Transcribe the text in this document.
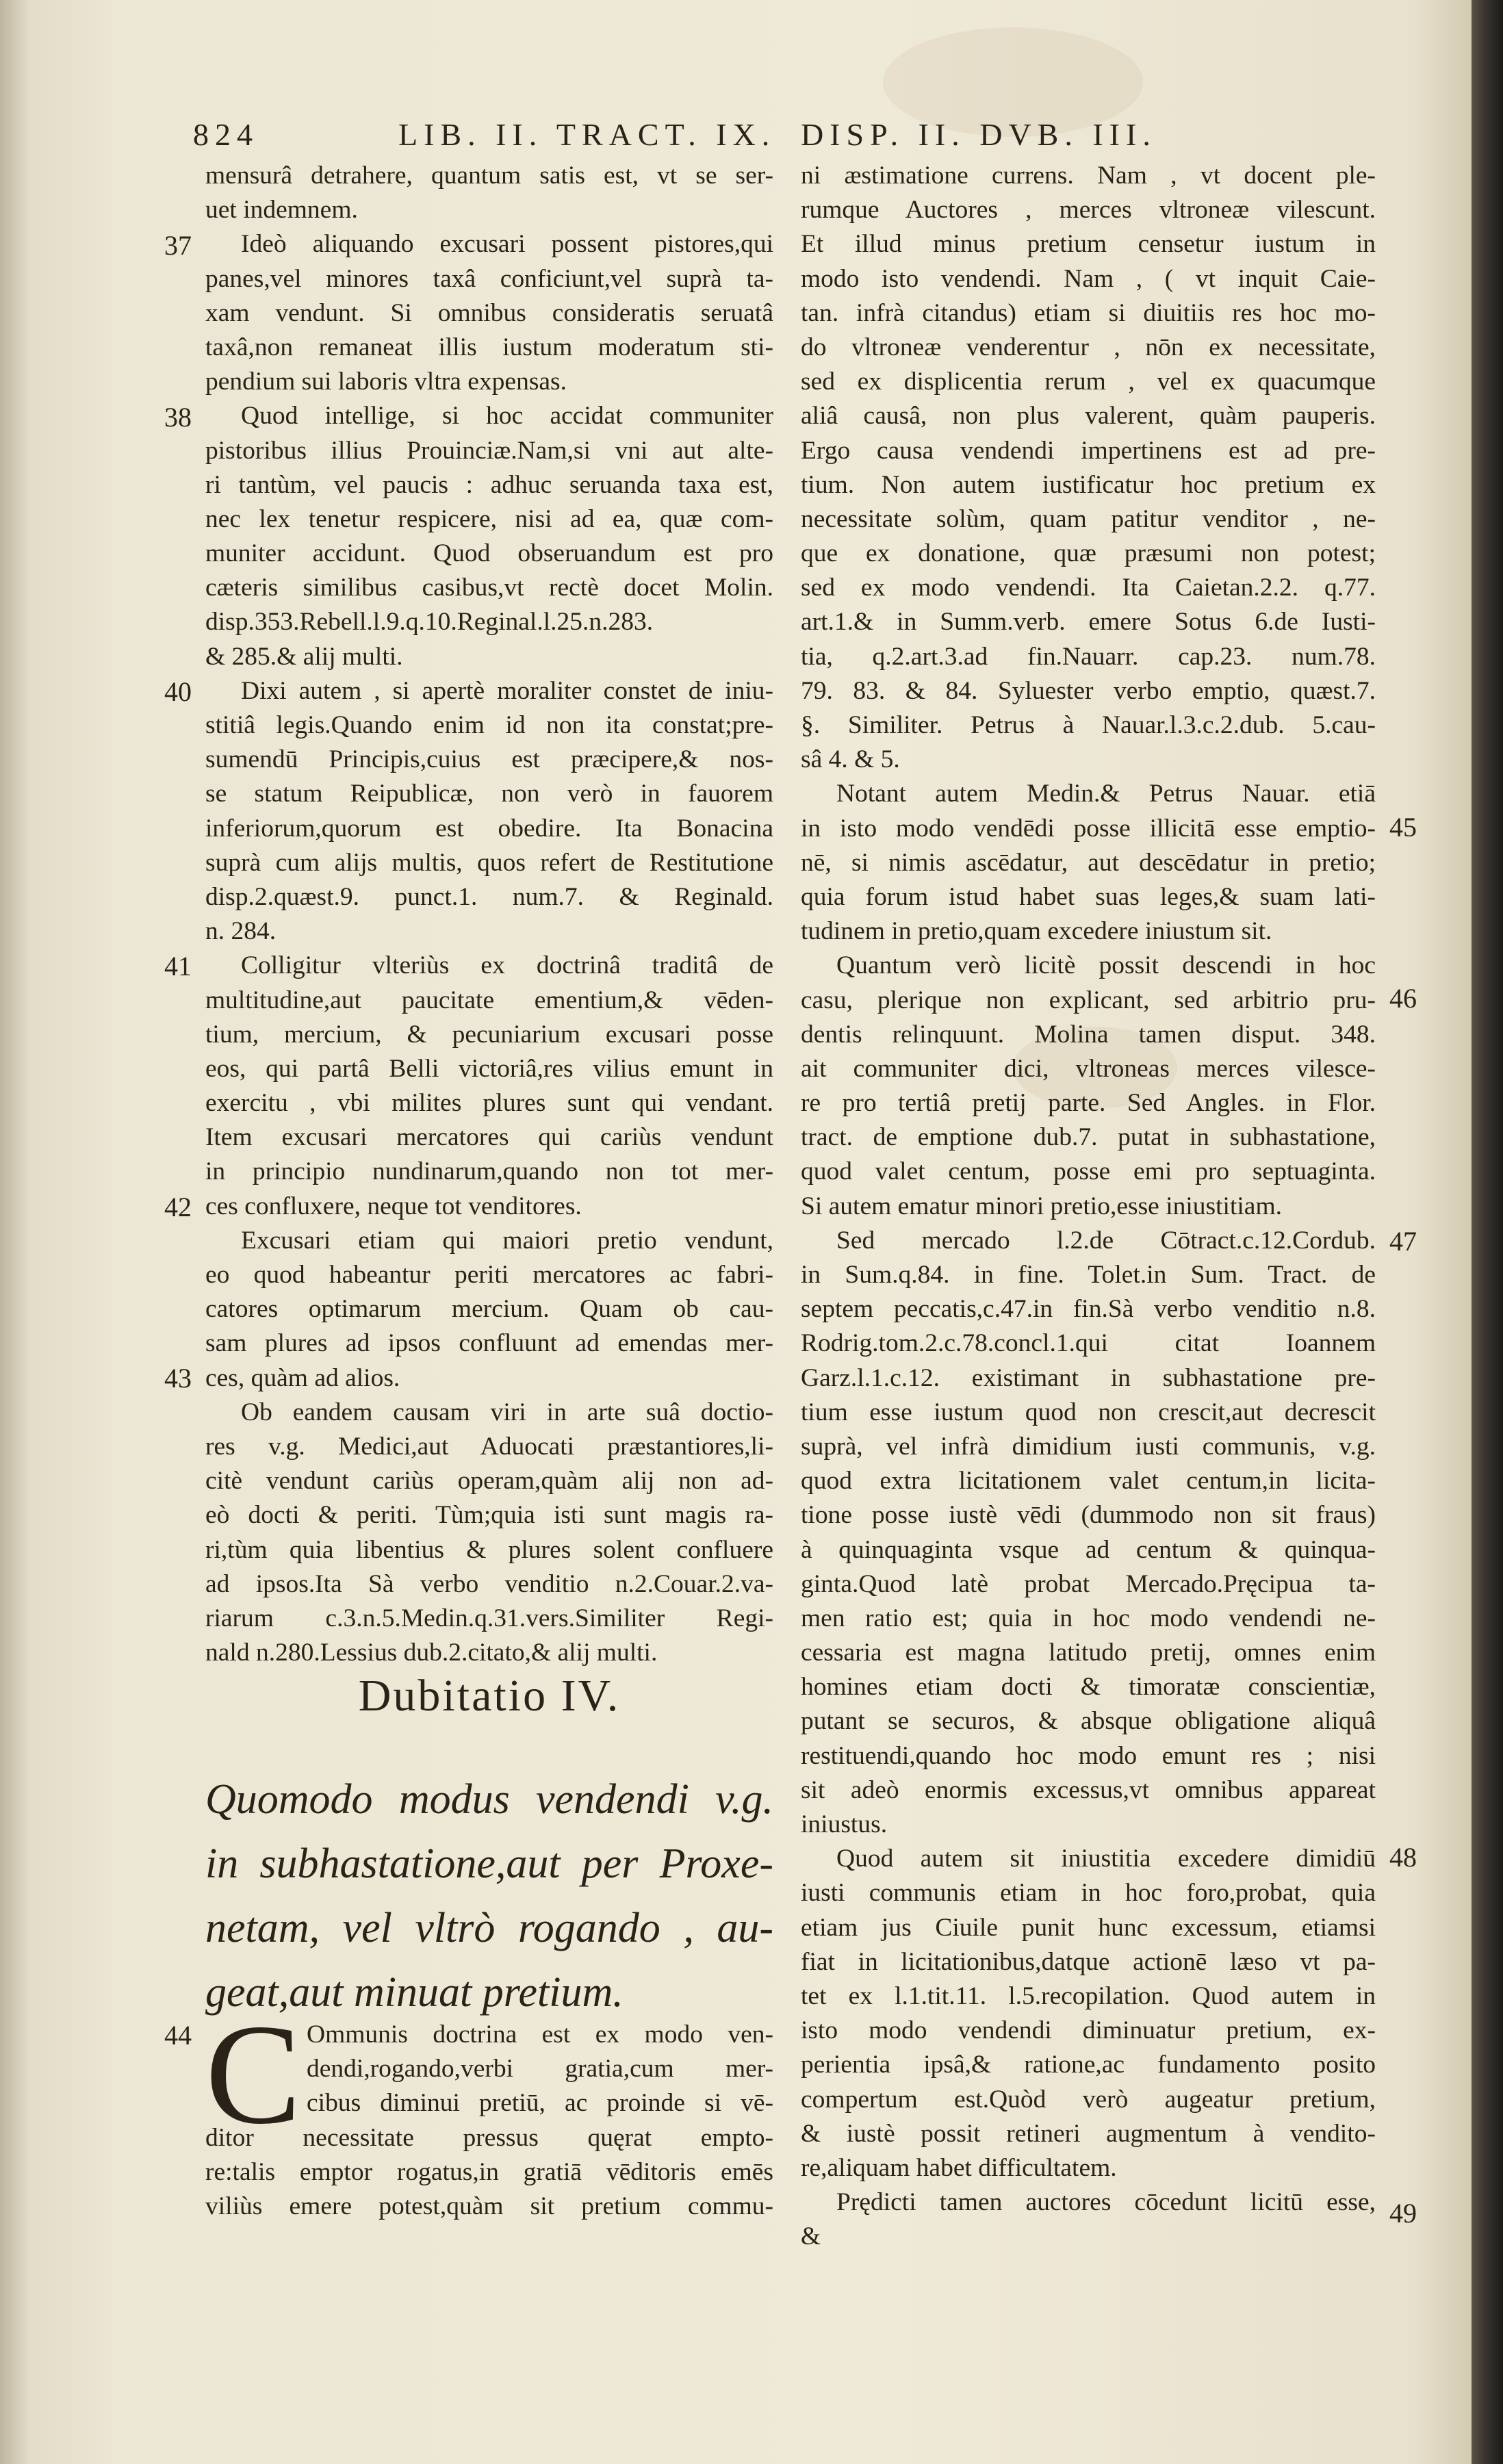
824	LIB. II. TRACT. IX. DISP. II. DVB. III.
mensurâ detrahere, quantum satis est, vt se ser-
uet indemnem.
Ideò aliquando excusari possent pistores,qui
panes,vel minores taxâ conficiunt,vel suprà ta-
xam vendunt. Si omnibus consideratis seruatâ
taxâ,non remaneat illis iustum moderatum sti-
pendium sui laboris vltra expensas.
Quod intellige, si hoc accidat communiter
pistoribus illius Prouinciæ.Nam,si vni aut alte-
ri tantùm, vel paucis : adhuc seruanda taxa est,
nec lex tenetur respicere, nisi ad ea, quæ com-
muniter accidunt. Quod obseruandum est pro
cæteris similibus casibus,vt rectè docet Molin.
disp.353.Rebell.l.9.q.10.Reginal.l.25.n.283.
& 285.& alij multi.
Dixi autem , si apertè moraliter constet de iniu-
stitiâ legis.Quando enim id non ita constat;pre-
sumendū Principis,cuius est præcipere,& nos-
se statum Reipublicæ, non verò in fauorem
inferiorum,quorum est obedire. Ita Bonacina
suprà cum alijs multis, quos refert de Restitutione
disp.2.quæst.9. punct.1. num.7. & Reginald.
n. 284.
Colligitur vlteriùs ex doctrinâ traditâ de
multitudine,aut paucitate ementium,& vēden-
tium, mercium, & pecuniarium excusari posse
eos, qui partâ Belli victoriâ,res vilius emunt in
exercitu , vbi milites plures sunt qui vendant.
Item excusari mercatores qui cariùs vendunt
in principio nundinarum,quando non tot mer-
ces confluxere, neque tot venditores.
Excusari etiam qui maiori pretio vendunt,
eo quod habeantur periti mercatores ac fabri-
catores optimarum mercium. Quam ob cau-
sam plures ad ipsos confluunt ad emendas mer-
ces, quàm ad alios.
Ob eandem causam viri in arte suâ doctio-
res v.g. Medici,aut Aduocati præstantiores,li-
citè vendunt cariùs operam,quàm alij non ad-
eò docti & periti. Tùm;quia isti sunt magis ra-
ri,tùm quia libentius & plures solent confluere
ad ipsos.Ita Sà verbo venditio n.2.Couar.2.va-
riarum c.3.n.5.Medin.q.31.vers.Similiter Regi-
nald n.280.Lessius dub.2.citato,& alij multi.
Dubitatio IV.
Quomodo modus vendendi v.g.
in subhastatione,aut per Proxe-
netam, vel vltrò rogando , au-
geat,aut minuat pretium.
C Ommunis doctrina est ex modo ven-
dendi,rogando,verbi gratia,cum mer-
cibus diminui pretiū, ac proinde si vē-
ditor necessitate pressus quęrat empto-
re:talis emptor rogatus,in gratiā vēditoris emēs
viliùs emere potest,quàm sit pretium commu-
ni æstimatione currens. Nam , vt docent ple-
rumque Auctores , merces vltroneæ vilescunt.
Et illud minus pretium censetur iustum in
modo isto vendendi. Nam , ( vt inquit Caie-
tan. infrà citandus) etiam si diuitiis res hoc mo-
do vltroneæ venderentur , nōn ex necessitate,
sed ex displicentia rerum , vel ex quacumque
aliâ causâ, non plus valerent, quàm pauperis.
Ergo causa vendendi impertinens est ad pre-
tium. Non autem iustificatur hoc pretium ex
necessitate solùm, quam patitur venditor , ne-
que ex donatione, quæ præsumi non potest;
sed ex modo vendendi. Ita Caietan.2.2. q.77.
art.1.& in Summ.verb. emere Sotus 6.de Iusti-
tia, q.2.art.3.ad fin.Nauarr. cap.23. num.78.
79. 83. & 84. Syluester verbo emptio, quæst.7.
§. Similiter. Petrus à Nauar.l.3.c.2.dub. 5.cau-
sâ 4. & 5.
Notant autem Medin.& Petrus Nauar. etiā
in isto modo vendēdi posse illicitā esse emptio-
nē, si nimis ascēdatur, aut descēdatur in pretio;
quia forum istud habet suas leges,& suam lati-
tudinem in pretio,quam excedere iniustum sit.
Quantum verò licitè possit descendi in hoc
casu, plerique non explicant, sed arbitrio pru-
dentis relinquunt. Molina tamen disput. 348.
ait communiter dici, vltroneas merces vilesce-
re pro tertiâ pretij parte. Sed Angles. in Flor.
tract. de emptione dub.7. putat in subhastatione,
quod valet centum, posse emi pro septuaginta.
Si autem ematur minori pretio,esse iniustitiam.
Sed mercado l.2.de Cōtract.c.12.Cordub.
in Sum.q.84. in fine. Tolet.in Sum. Tract. de
septem peccatis,c.47.in fin.Sà verbo venditio n.8.
Rodrig.tom.2.c.78.concl.1.qui citat Ioannem
Garz.l.1.c.12. existimant in subhastatione pre-
tium esse iustum quod non crescit,aut decrescit
suprà, vel infrà dimidium iusti communis, v.g.
quod extra licitationem valet centum,in licita-
tione posse iustè vēdi (dummodo non sit fraus)
à quinquaginta vsque ad centum & quinqua-
ginta.Quod latè probat Mercado.Pręcipua ta-
men ratio est; quia in hoc modo vendendi ne-
cessaria est magna latitudo pretij, omnes enim
homines etiam docti & timoratæ conscientiæ,
putant se securos, & absque obligatione aliquâ
restituendi,quando hoc modo emunt res ; nisi
sit adeò enormis excessus,vt omnibus appareat
iniustus.
Quod autem sit iniustitia excedere dimidiū
iusti communis etiam in hoc foro,probat, quia
etiam jus Ciuile punit hunc excessum, etiamsi
fiat in licitationibus,datque actionē læso vt pa-
tet ex l.1.tit.11. l.5.recopilation. Quod autem in
isto modo vendendi diminuatur pretium, ex-
perientia ipsâ,& ratione,ac fundamento posito
compertum est.Quòd verò augeatur pretium,
& iustè possit retineri augmentum à vendito-
re,aliquam habet difficultatem.
Prędicti tamen auctores cōcedunt licitū esse,
&
37
38
40
41
42
43
44
45
46
47
48
49
